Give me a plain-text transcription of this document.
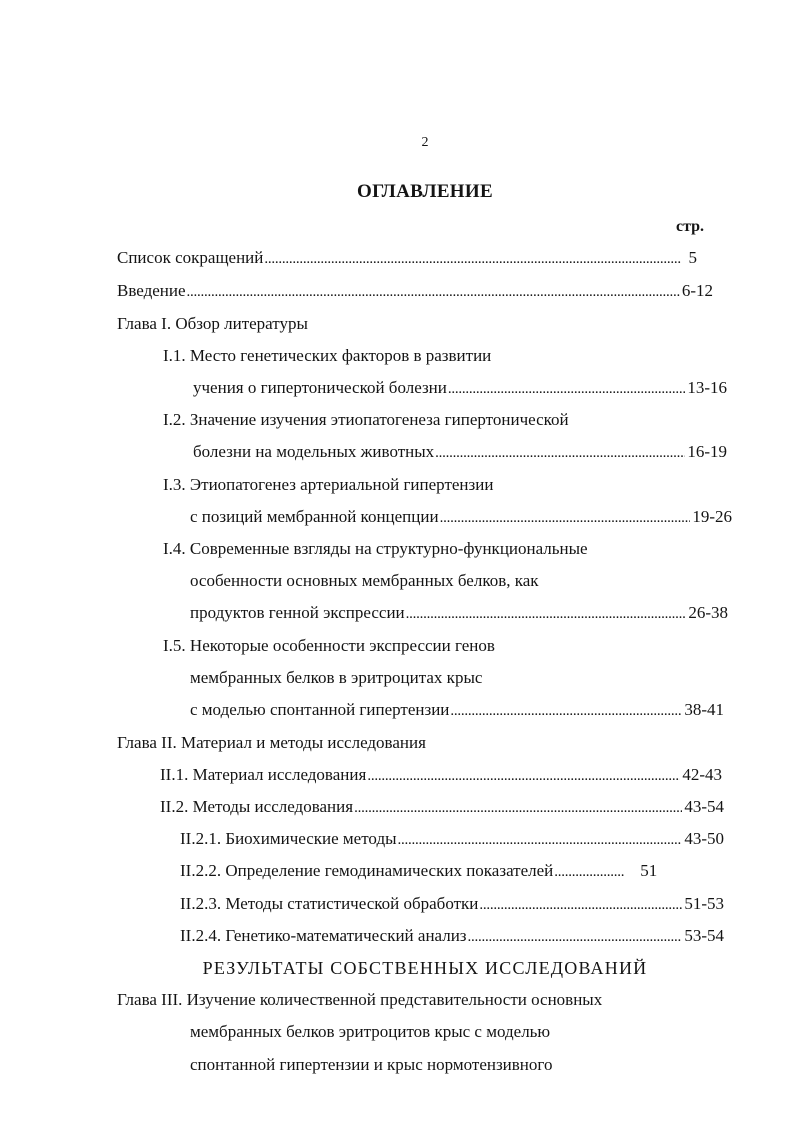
2
ОГЛАВЛЕНИЕ
стр.
Список сокращений . . .	5
Введение . . .	6-12
Глава I. Обзор литературы
I.1. Место генетических факторов в развитии
учения о гипертонической болезни . . .	13-16
I.2. Значение изучения этиопатогенеза гипертонической
болезни на модельных животных . . .	16-19
I.3. Этиопатогенез артериальной гипертензии
с позиций мембранной концепции . . .	19-26
I.4. Современные взгляды на структурно-функциональные
особенности основных мембранных белков, как
продуктов генной экспрессии . . .	26-38
I.5. Некоторые особенности экспрессии генов
мембранных белков в эритроцитах крыс
с моделью спонтанной гипертензии . . .	38-41
Глава II. Материал и методы исследования
II.1. Материал исследования . . .	42-43
II.2. Методы исследования . . .	43-54
II.2.1. Биохимические методы . . .	43-50
II.2.2. Определение гемодинамических показателей . . .	51
II.2.3. Методы статистической обработки . . .	51-53
II.2.4. Генетико-математический анализ . . .	53-54
РЕЗУЛЬТАТЫ СОБСТВЕННЫХ ИССЛЕДОВАНИЙ
Глава III. Изучение количественной представительности основных
мембранных белков эритроцитов крыс с моделью
спонтанной гипертензии и крыс нормотензивного
